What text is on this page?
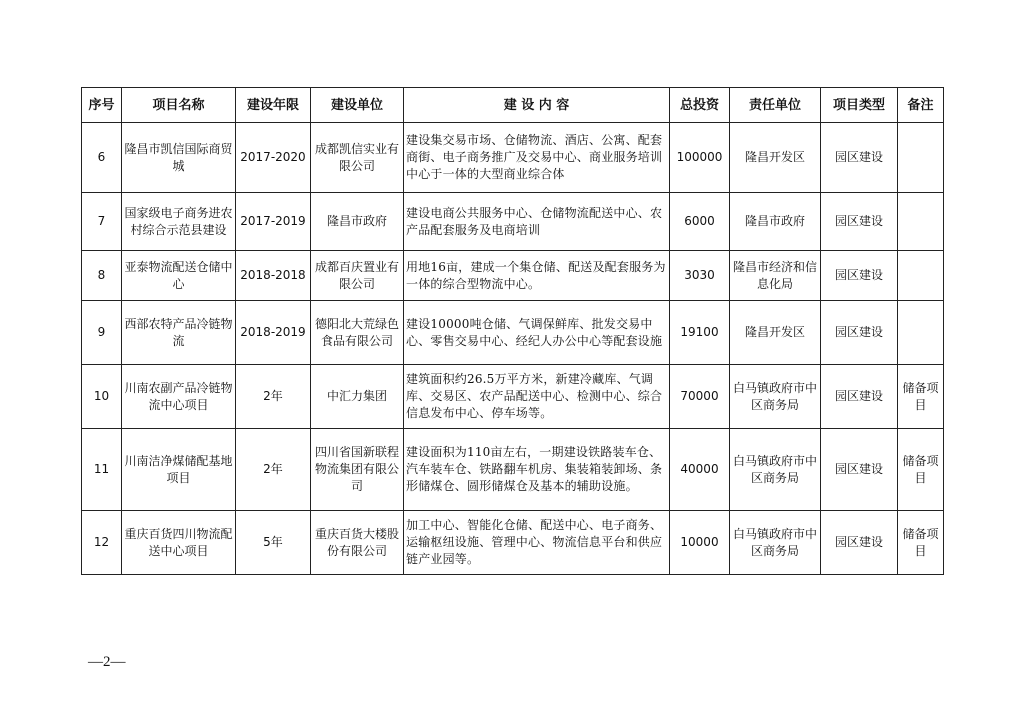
序号	项目名称	建设年限	建设单位	建 设 内 容	总投资	责任单位	项目类型	备注
6	隆昌市凯信国际商贸城	2017-2020	成都凯信实业有限公司	建设集交易市场、仓储物流、酒店、公寓、配套商街、电子商务推广及交易中心、商业服务培训中心于一体的大型商业综合体	100000	隆昌开发区	园区建设	
7	国家级电子商务进农村综合示范县建设	2017-2019	隆昌市政府	建设电商公共服务中心、仓储物流配送中心、农产品配套服务及电商培训	6000	隆昌市政府	园区建设	
8	亚泰物流配送仓储中心	2018-2018	成都百庆置业有限公司	用地16亩，建成一个集仓储、配送及配套服务为一体的综合型物流中心。	3030	隆昌市经济和信息化局	园区建设	
9	西部农特产品冷链物流	2018-2019	德阳北大荒绿色食品有限公司	建设10000吨仓储、气调保鲜库、批发交易中心、零售交易中心、经纪人办公中心等配套设施	19100	隆昌开发区	园区建设	
10	川南农副产品冷链物流中心项目	2年	中汇力集团	建筑面积约26.5万平方米，新建冷藏库、气调库、交易区、农产品配送中心、检测中心、综合信息发布中心、停车场等。	70000	白马镇政府市中区商务局	园区建设	储备项目
11	川南洁净煤储配基地项目	2年	四川省国新联程物流集团有限公司	建设面积为110亩左右，一期建设铁路装车仓、汽车装车仓、铁路翻车机房、集装箱装卸场、条形储煤仓、圆形储煤仓及基本的辅助设施。	40000	白马镇政府市中区商务局	园区建设	储备项目
12	重庆百货四川物流配送中心项目	5年	重庆百货大楼股份有限公司	加工中心、智能化仓储、配送中心、电子商务、运输枢纽设施、管理中心、物流信息平台和供应链产业园等。	10000	白马镇政府市中区商务局	园区建设	储备项目
—2—
